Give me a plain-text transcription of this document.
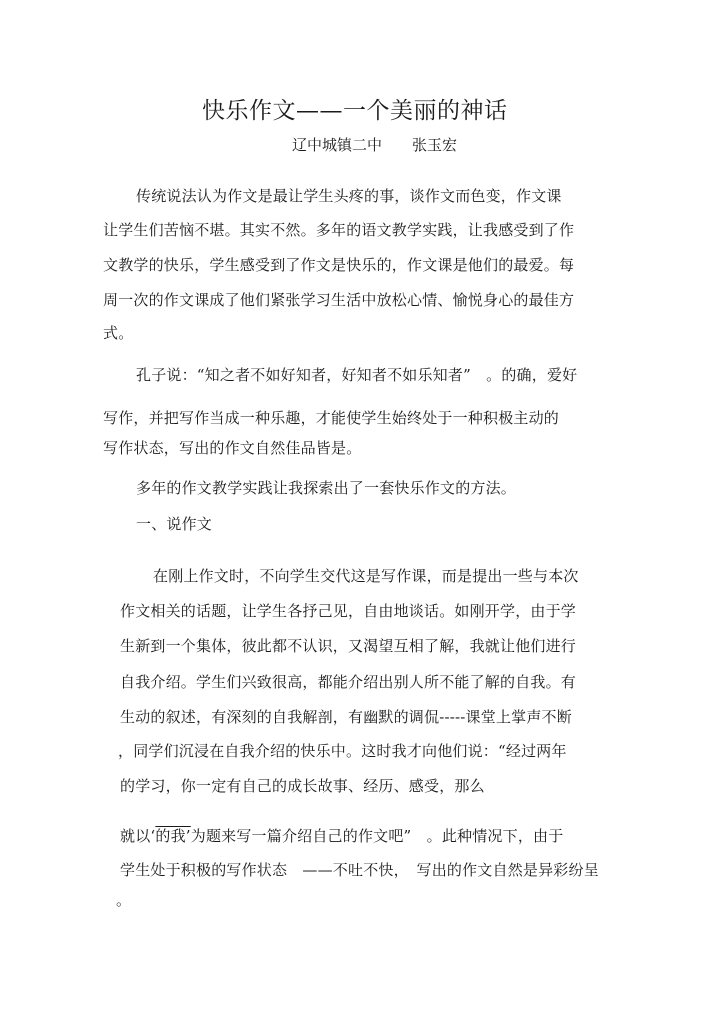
快乐作文——一个美丽的神话
辽中城镇二中 张玉宏
传统说法认为作文是最让学生头疼的事，谈作文而色变，作文课
让学生们苦恼不堪。其实不然。多年的语文教学实践，让我感受到了作
文教学的快乐，学生感受到了作文是快乐的，作文课是他们的最爱。每
周一次的作文课成了他们紧张学习生活中放松心情、愉悦身心的最佳方
式。
孔子说：“知之者不如好知者，好知者不如乐知者”　。的确，爱好
写作，并把写作当成一种乐趣，才能使学生始终处于一种积极主动的
写作状态，写出的作文自然佳品皆是。
多年的作文教学实践让我探索出了一套快乐作文的方法。
一、说作文
在刚上作文时，不向学生交代这是写作课，而是提出一些与本次
作文相关的话题，让学生各抒己见，自由地谈话。如刚开学，由于学
生新到一个集体，彼此都不认识，又渴望互相了解，我就让他们进行
自我介绍。学生们兴致很高，都能介绍出别人所不能了解的自我。有
生动的叙述，有深刻的自我解剖，有幽默的调侃-----课堂上掌声不断
，同学们沉浸在自我介绍的快乐中。这时我才向他们说：“经过两年
的学习，你一定有自己的成长故事、经历、感受，那么
就以‘的我’为题来写一篇介绍自己的作文吧”　。此种情况下，由于
学生处于积极的写作状态　——不吐不快，　写出的作文自然是异彩纷呈
。
